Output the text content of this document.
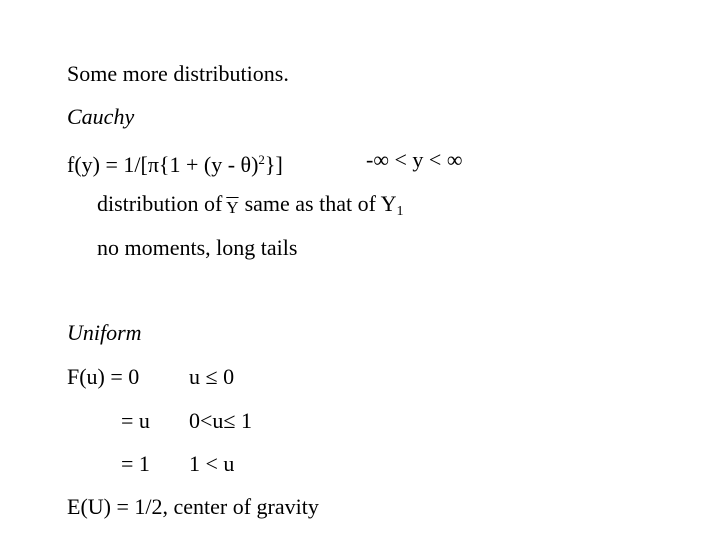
Some more distributions.
Cauchy
f(y) = 1/[π{1 + (y - θ)$^2$}]	-∞ < y < ∞
distribution of $\overline{Y}$ same as that of $Y_1$
no moments, long tails
Uniform
F(u) = 0 u ≤ 0
= u 0<u≤ 1
= 1 1 < u
E(U) = 1/2, center of gravity
